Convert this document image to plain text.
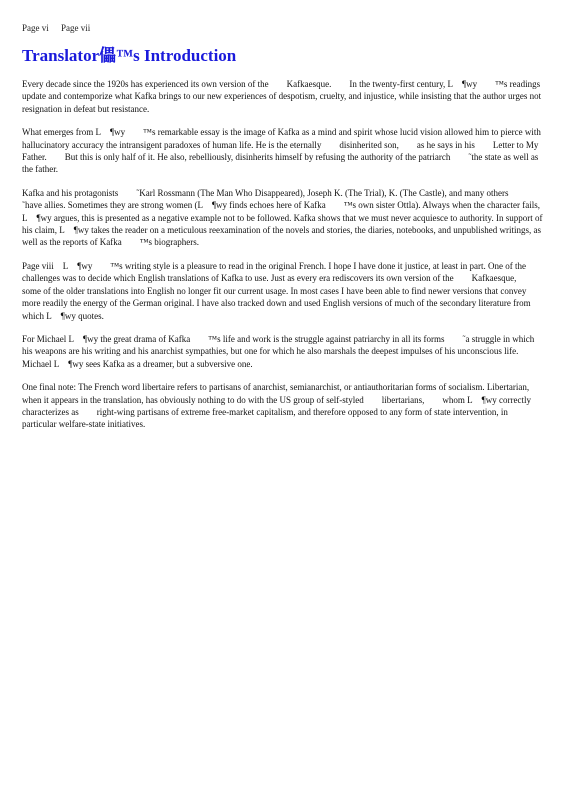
Page vi Page vii
Translator儡™s Introduction

Every decade since the 1920s has experienced its own version of the  Kafkaesque.  In the twenty-first century, L ¶wy  ™s readings update and contemporize what Kafka brings to our new experiences of despotism, cruelty, and injustice, while insisting that the author urges not resignation in defeat but resistance.

What emerges from L ¶wy  ™s remarkable essay is the image of Kafka as a mind and spirit whose lucid vision allowed him to pierce with hallucinatory accuracy the intransigent paradoxes of human life. He is the eternally  disinherited son,  as he says in his  Letter to My Father.  But this is only half of it. He also, rebelliously, disinherits himself by refusing the authority of the patriarch  ˜the state as well as the father.

Kafka and his protagonists  ˜Karl Rossmann (The Man Who Disappeared), Joseph K. (The Trial), K. (The Castle), and many others  ˜have allies. Sometimes they are strong women (L ¶wy finds echoes here of Kafka  ™s own sister Ottla). Always when the character fails, L ¶wy argues, this is presented as a negative example not to be followed. Kafka shows that we must never acquiesce to authority. In support of his claim, L ¶wy takes the reader on a meticulous reexamination of the novels and stories, the diaries, notebooks, and unpublished writings, as well as the reports of Kafka  ™s biographers.

Page viii L ¶wy  ™s writing style is a pleasure to read in the original French. I hope I have done it justice, at least in part. One of the challenges was to decide which English translations of Kafka to use. Just as every era rediscovers its own version of the  Kafkaesque,  some of the older translations into English no longer fit our current usage. In most cases I have been able to find newer versions that convey more readily the energy of the German original. I have also tracked down and used English versions of much of the secondary literature from which L ¶wy quotes.

For Michael L ¶wy the great drama of Kafka  ™s life and work is the struggle against patriarchy in all its forms  ˜a struggle in which his weapons are his writing and his anarchist sympathies, but one for which he also marshals the deepest impulses of his unconscious life. Michael L ¶wy sees Kafka as a dreamer, but a subversive one.

One final note: The French word libertaire refers to partisans of anarchist, semianarchist, or antiauthoritarian forms of socialism. Libertarian, when it appears in the translation, has obviously nothing to do with the US group of self-styled  libertarians,  whom L ¶wy correctly characterizes as  right-wing partisans of extreme free-market capitalism, and therefore opposed to any form of state intervention, in particular welfare-state initiatives.
